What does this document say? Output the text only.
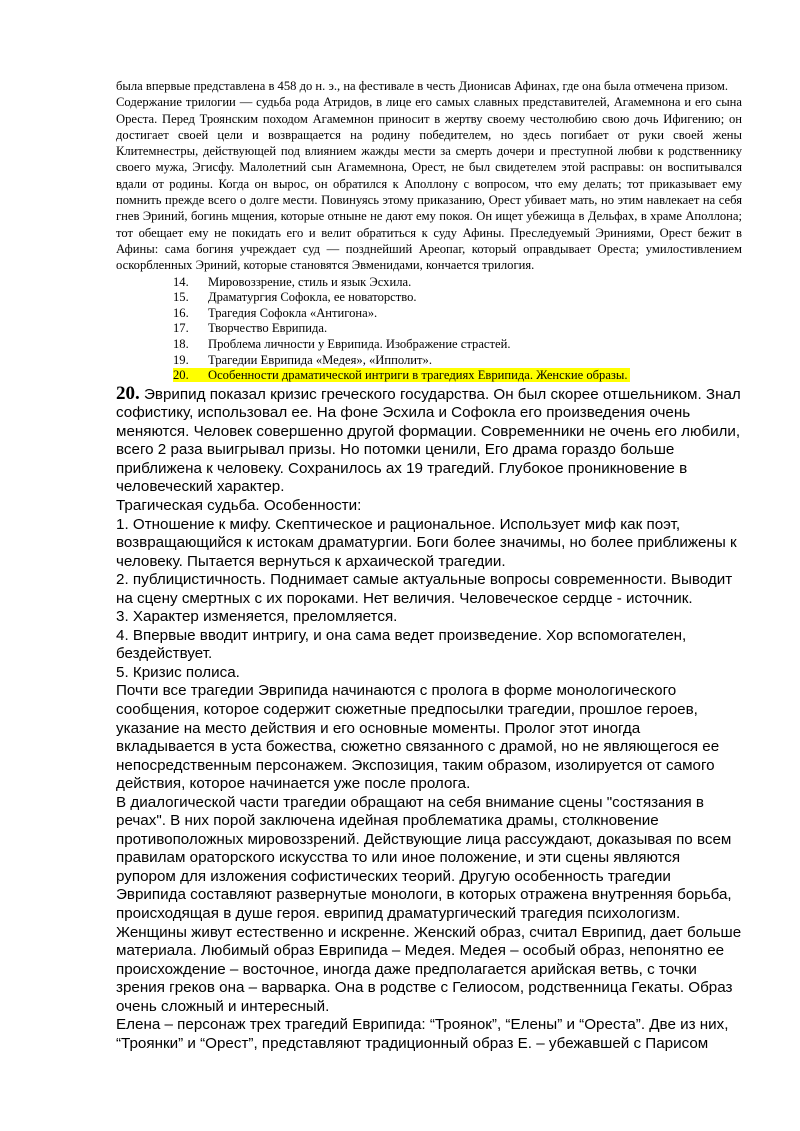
была впервые представлена в 458 до н. э., на фестивале в честь Дионисав Афинах, где она была отмечена призом.

Содержание трилогии — судьба рода Атридов, в лице его самых славных представителей, Агамемнона и его сына Ореста. Перед Троянским походом Агамемнон приносит в жертву своему честолюбию свою дочь Ифигению; он достигает своей цели и возвращается на родину победителем, но здесь погибает от руки своей жены Клитемнестры, действующей под влиянием жажды мести за смерть дочери и преступной любви к родственнику своего мужа, Эгисфу. Малолетний сын Агамемнона, Орест, не был свидетелем этой расправы: он воспитывался вдали от родины. Когда он вырос, он обратился к Аполлону с вопросом, что ему делать; тот приказывает ему помнить прежде всего о долге мести. Повинуясь этому приказанию, Орест убивает мать, но этим навлекает на себя гнев Эриний, богинь мщения, которые отныне не дают ему покоя. Он ищет убежища в Дельфах, в храме Аполлона; тот обещает ему не покидать его и велит обратиться к суду Афины. Преследуемый Эриниями, Орест бежит в Афины: сама богиня учреждает суд — позднейший Ареопаг, который оправдывает Ореста; умилостивлением оскорбленных Эриний, которые становятся Эвменидами, кончается трилогия.

14. Мировоззрение, стиль и язык Эсхила.
15. Драматургия Софокла, ее новаторство.
16. Трагедия Софокла «Антигона».
17. Творчество Еврипида.
18. Проблема личности у Еврипида. Изображение страстей.
19. Трагедии Еврипида «Медея», «Ипполит».
20. Особенности драматической интриги в трагедиях Еврипида. Женские образы.

20. Эврипид показал кризис греческого государства. Он был скорее отшельником. Знал софистику, использовал ее. На фоне Эсхила и Софокла его произведения очень меняются. Человек совершенно другой формации. Современники не очень его любили, всего 2 раза выигрывал призы. Но потомки ценили, Его драма гораздо больше приближена к человеку. Сохранилось ах 19 трагедий. Глубокое проникновение в человеческий характер.

Трагическая судьба. Особенности:

1. Отношение к мифу. Скептическое и рациональное. Использует миф как поэт, возвращающийся к истокам драматургии. Боги более значимы, но более приближены к человеку. Пытается вернуться к архаической трагедии.

2. публицистичность. Поднимает самые актуальные вопросы современности. Выводит на сцену смертных с их пороками. Нет величия. Человеческое сердце - источник.

3. Характер изменяется, преломляется.

4. Впервые вводит интригу, и она сама ведет произведение. Хор вспомогателен, бездействует.

5. Кризис полиса.

Почти все трагедии Эврипида начинаются с пролога в форме монологического сообщения, которое содержит сюжетные предпосылки трагедии, прошлое героев, указание на место действия и его основные моменты. Пролог этот иногда вкладывается в уста божества, сюжетно связанного с драмой, но не являющегося ее непосредственным персонажем. Экспозиция, таким образом, изолируется от самого действия, которое начинается уже после пролога.

В диалогической части трагедии обращают на себя внимание сцены "состязания в речах". В них порой заключена идейная проблематика драмы, столкновение противоположных мировоззрений. Действующие лица рассуждают, доказывая по всем правилам ораторского искусства то или иное положение, и эти сцены являются рупором для изложения софистических теорий. Другую особенность трагедии Эврипида составляют развернутые монологи, в которых отражена внутренняя борьба, происходящая в душе героя. еврипид драматургический трагедия психологизм.

Женщины живут естественно и искренне. Женский образ, считал Еврипид, дает больше материала. Любимый образ Еврипида – Медея. Медея – особый образ, непонятно ее происхождение – восточное, иногда даже предполагается арийская ветвь, с точки зрения греков она – варварка. Она в родстве с Гелиосом, родственница Гекаты. Образ очень сложный и интересный.

Елена – персонаж трех трагедий Еврипида: “Троянок”, “Елены” и “Ореста”. Две из них, “Троянки” и “Орест”, представляют традиционный образ Е. – убежавшей с Парисом
